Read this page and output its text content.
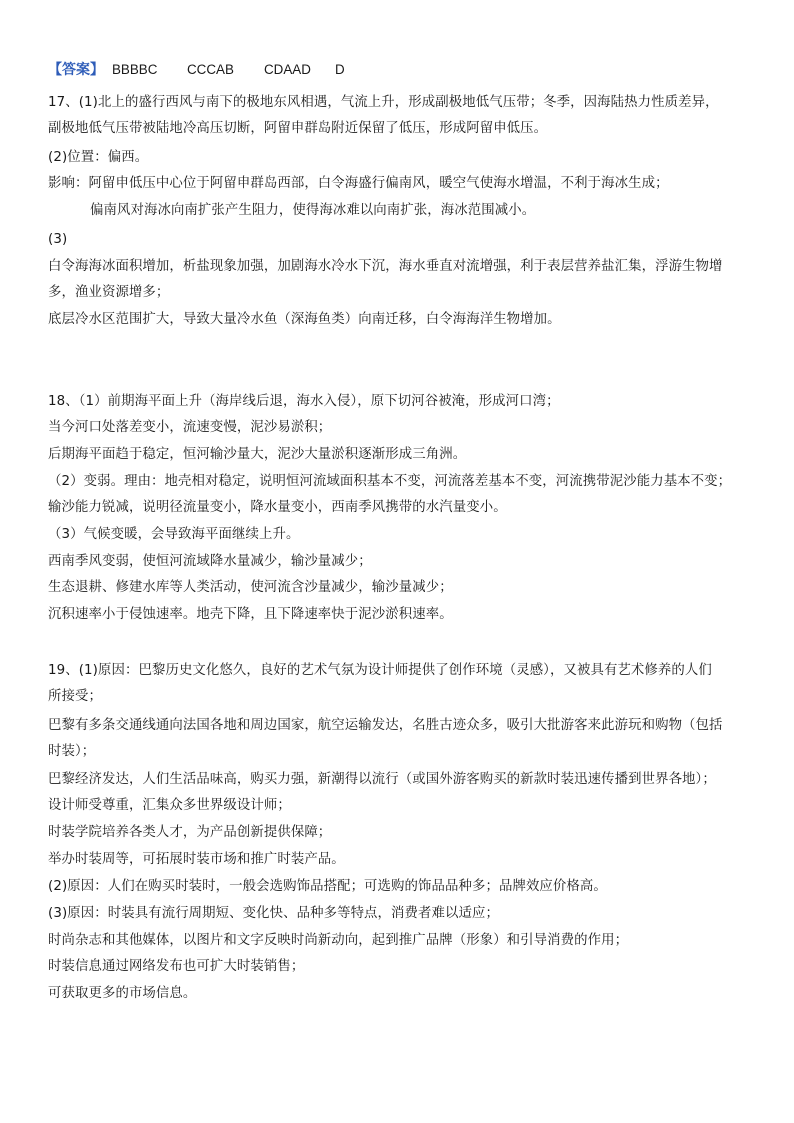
【答案】 BBBBC CCCAB CDAAD D
17、(1)北上的盛行西风与南下的极地东风相遇，气流上升，形成副极地低气压带；冬季，因海陆热力性质差异，
副极地低气压带被陆地冷高压切断，阿留申群岛附近保留了低压，形成阿留申低压。
(2)位置：偏西。
影响：阿留申低压中心位于阿留申群岛西部，白令海盛行偏南风，暖空气使海水增温，不利于海冰生成；
偏南风对海冰向南扩张产生阻力，使得海冰难以向南扩张，海冰范围减小。
(3)
白令海海冰面积增加，析盐现象加强，加剧海水冷水下沉，海水垂直对流增强，利于表层营养盐汇集，浮游生物增
多，渔业资源增多；
底层冷水区范围扩大，导致大量冷水鱼（深海鱼类）向南迁移，白令海海洋生物增加。
18、（1）前期海平面上升（海岸线后退，海水入侵），原下切河谷被淹，形成河口湾；
当今河口处落差变小，流速变慢，泥沙易淤积；
后期海平面趋于稳定，恒河输沙量大，泥沙大量淤积逐渐形成三角洲。
（2）变弱。理由：地壳相对稳定，说明恒河流域面积基本不变，河流落差基本不变，河流携带泥沙能力基本不变；
输沙能力锐减，说明径流量变小，降水量变小，西南季风携带的水汽量变小。
（3）气候变暖，会导致海平面继续上升。
西南季风变弱，使恒河流域降水量减少，输沙量减少；
生态退耕、修建水库等人类活动，使河流含沙量减少，输沙量减少；
沉积速率小于侵蚀速率。地壳下降，且下降速率快于泥沙淤积速率。
19、(1)原因：巴黎历史文化悠久，良好的艺术气氛为设计师提供了创作环境（灵感），又被具有艺术修养的人们
所接受；
巴黎有多条交通线通向法国各地和周边国家，航空运输发达，名胜古迹众多，吸引大批游客来此游玩和购物（包括
时装）；
巴黎经济发达，人们生活品味高，购买力强，新潮得以流行（或国外游客购买的新款时装迅速传播到世界各地）；
设计师受尊重，汇集众多世界级设计师；
时装学院培养各类人才，为产品创新提供保障；
举办时装周等，可拓展时装市场和推广时装产品。
(2)原因：人们在购买时装时，一般会选购饰品搭配；可选购的饰品品种多；品牌效应价格高。
(3)原因：时装具有流行周期短、变化快、品种多等特点，消费者难以适应；
时尚杂志和其他媒体，以图片和文字反映时尚新动向，起到推广品牌（形象）和引导消费的作用；
时装信息通过网络发布也可扩大时装销售；
可获取更多的市场信息。
